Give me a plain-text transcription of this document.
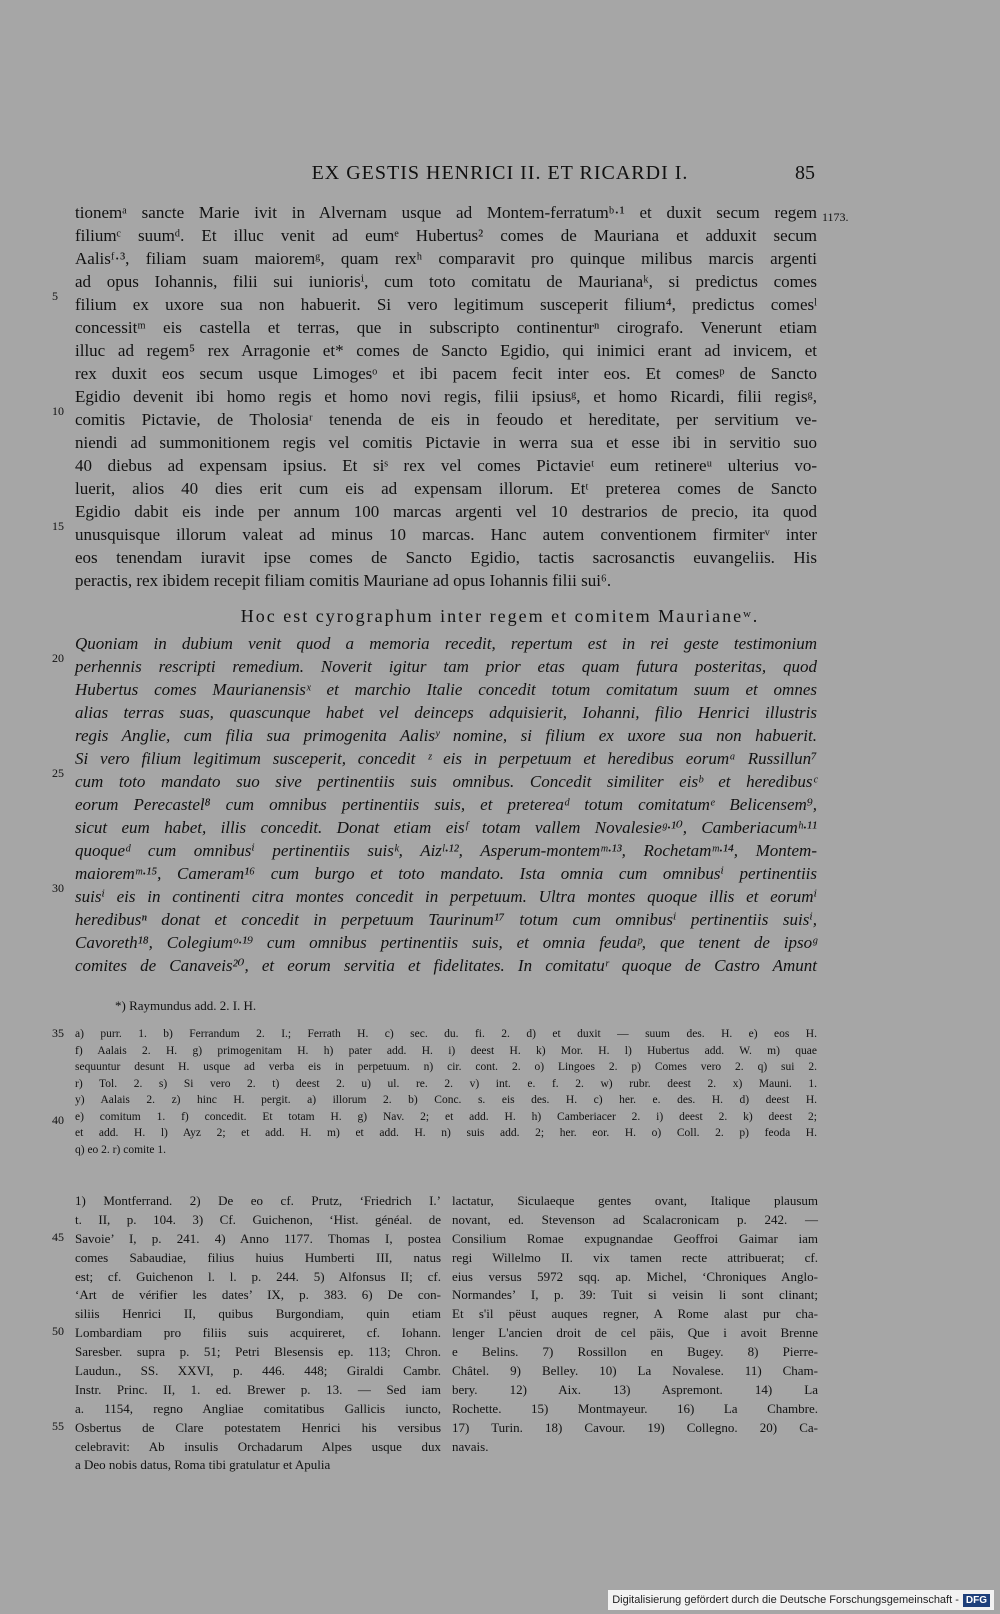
EX GESTIS HENRICI II. ET RICARDI I.	85
1173.
tionemᵃ sancte Marie ivit in Alvernam usque ad Montem-ferratumᵇ·¹ et duxit secum regem
filiumᶜ suumᵈ. Et illuc venit ad eumᵉ Hubertus² comes de Mauriana et adduxit secum
Aalisᶠ·³, filiam suam maioremᵍ, quam rexʰ comparavit pro quinque milibus marcis argenti
ad opus Iohannis, filii sui iuniorisⁱ, cum toto comitatu de Maurianaᵏ, si predictus comes
filium ex uxore sua non habuerit. Si vero legitimum susceperit filium⁴, predictus comesˡ
concessitᵐ eis castella et terras, que in subscripto continenturⁿ cirografo. Venerunt etiam
illuc ad regem⁵ rex Arragonie et* comes de Sancto Egidio, qui inimici erant ad invicem, et
rex duxit eos secum usque Limogesᵒ et ibi pacem fecit inter eos. Et comesᵖ de Sancto
Egidio devenit ibi homo regis et homo novi regis, filii ipsiusᵍ, et homo Ricardi, filii regisᵍ,
comitis Pictavie, de Tholosiaʳ tenenda de eis in feoudo et hereditate, per servitium ve-
niendi ad summonitionem regis vel comitis Pictavie in werra sua et esse ibi in servitio suo
40 diebus ad expensam ipsius. Et siˢ rex vel comes Pictavieᵗ eum retinereᵘ ulterius vo-
luerit, alios 40 dies erit cum eis ad expensam illorum. Etᵗ preterea comes de Sancto
Egidio dabit eis inde per annum 100 marcas argenti vel 10 destrarios de precio, ita quod
unusquisque illorum valeat ad minus 10 marcas. Hanc autem conventionem firmiterᵛ inter
eos tenendam iuravit ipse comes de Sancto Egidio, tactis sacrosanctis euvangeliis. His
peractis, rex ibidem recepit filiam comitis Mauriane ad opus Iohannis filii sui⁶.
Hoc est cyrographum inter regem et comitem Maurianeʷ.
Quoniam in dubium venit quod a memoria recedit, repertum est in rei geste testimonium
perhennis rescripti remedium. Noverit igitur tam prior etas quam futura posteritas, quod
Hubertus comes Maurianensisˣ et marchio Italie concedit totum comitatum suum et omnes
alias terras suas, quascunque habet vel deinceps adquisierit, Iohanni, filio Henrici illustris
regis Anglie, cum filia sua primogenita Aalisʸ nomine, si filium ex uxore sua non habuerit.
Si vero filium legitimum susceperit, concedit ᶻ eis in perpetuum et heredibus eorumᵃ Russillun⁷
cum toto mandato suo sive pertinentiis suis omnibus. Concedit similiter eisᵇ et heredibusᶜ
eorum Perecastel⁸ cum omnibus pertinentiis suis, et pretereaᵈ totum comitatumᵉ Belicensem⁹,
sicut eum habet, illis concedit. Donat etiam eisᶠ totam vallem Novalesieᵍ·¹⁰, Camberiacumʰ·¹¹
quoqueᵈ cum omnibusⁱ pertinentiis suisᵏ, Aizˡ·¹², Asperum-montemᵐ·¹³, Rochetamᵐ·¹⁴, Montem-
maioremᵐ·¹⁵, Cameram¹⁶ cum burgo et toto mandato. Ista omnia cum omnibusⁱ pertinentiis
suisⁱ eis in continenti citra montes concedit in perpetuum. Ultra montes quoque illis et eorumⁱ
heredibusⁿ donat et concedit in perpetuum Taurinum¹⁷ totum cum omnibusⁱ pertinentiis suisⁱ,
Cavoreth¹⁸, Colegiumᵒ·¹⁹ cum omnibus pertinentiis suis, et omnia feudaᵖ, que tenent de ipsoᵍ
comites de Canaveis²⁰, et eorum servitia et fidelitates. In comitatuʳ quoque de Castro Amunt
*) Raymundus add. 2. I. H.
a) purr. 1. b) Ferrandum 2. I.; Ferrath H. c) sec. du. fi. 2. d) et duxit — suum des. H. e) eos H.
f) Aalais 2. H. g) primogenitam H. h) pater add. H. i) deest H. k) Mor. H. l) Hubertus add. W. m) quae
sequuntur desunt H. usque ad verba eis in perpetuum. n) cir. cont. 2. o) Lingoes 2. p) Comes vero 2. q) sui 2.
r) Tol. 2. s) Si vero 2. t) deest 2. u) ul. re. 2. v) int. e. f. 2. w) rubr. deest 2. x) Mauni. 1.
y) Aalais 2. z) hinc H. pergit. a) illorum 2. b) Conc. s. eis des. H. c) her. e. des. H. d) deest H.
e) comitum 1. f) concedit. Et totam H. g) Nav. 2; et add. H. h) Camberiacer 2. i) deest 2. k) deest 2;
et add. H. l) Ayz 2; et add. H. m) et add. H. n) suis add. 2; her. eor. H. o) Coll. 2. p) feoda H.
q) eo 2. r) comite 1.
1) Montferrand. 2) De eo cf. Prutz, ‘Friedrich I.’
t. II, p. 104. 3) Cf. Guichenon, ‘Hist. généal. de
Savoie’ I, p. 241. 4) Anno 1177. Thomas I, postea
comes Sabaudiae, filius huius Humberti III, natus
est; cf. Guichenon l. l. p. 244. 5) Alfonsus II; cf.
‘Art de vérifier les dates’ IX, p. 383. 6) De con-
siliis Henrici II, quibus Burgondiam, quin etiam
Lombardiam pro filiis suis acquireret, cf. Iohann.
Saresber. supra p. 51; Petri Blesensis ep. 113; Chron.
Laudun., SS. XXVI, p. 446. 448; Giraldi Cambr.
Instr. Princ. II, 1. ed. Brewer p. 13. — Sed iam
a. 1154, regno Angliae comitatibus Gallicis iuncto,
Osbertus de Clare potestatem Henrici his versibus
celebravit: Ab insulis Orchadarum Alpes usque dux
a Deo nobis datus, Roma tibi gratulatur et Apulia
lactatur, Siculaeque gentes ovant, Italique plausum
novant, ed. Stevenson ad Scalacronicam p. 242. —
Consilium Romae expugnandae Geoffroi Gaimar iam
regi Willelmo II. vix tamen recte attribuerat; cf.
eius versus 5972 sqq. ap. Michel, ‘Chroniques Anglo-
Normandes’ I, p. 39: Tuit si veisin li sont clinant;
Et s'il pëust auques regner, A Rome alast pur cha-
lenger L'ancien droit de cel päis, Que i avoit Brenne
e Belins. 7) Rossillon en Bugey. 8) Pierre-
Châtel. 9) Belley. 10) La Novalese. 11) Cham-
bery. 12) Aix. 13) Aspremont. 14) La
Rochette. 15) Montmayeur. 16) La Chambre.
17) Turin. 18) Cavour. 19) Collegno. 20) Ca-
navais.
5
10
15
20
25
30
35
40
45
50
55
Digitalisierung gefördert durch die Deutsche Forschungsgemeinschaft - DFG
